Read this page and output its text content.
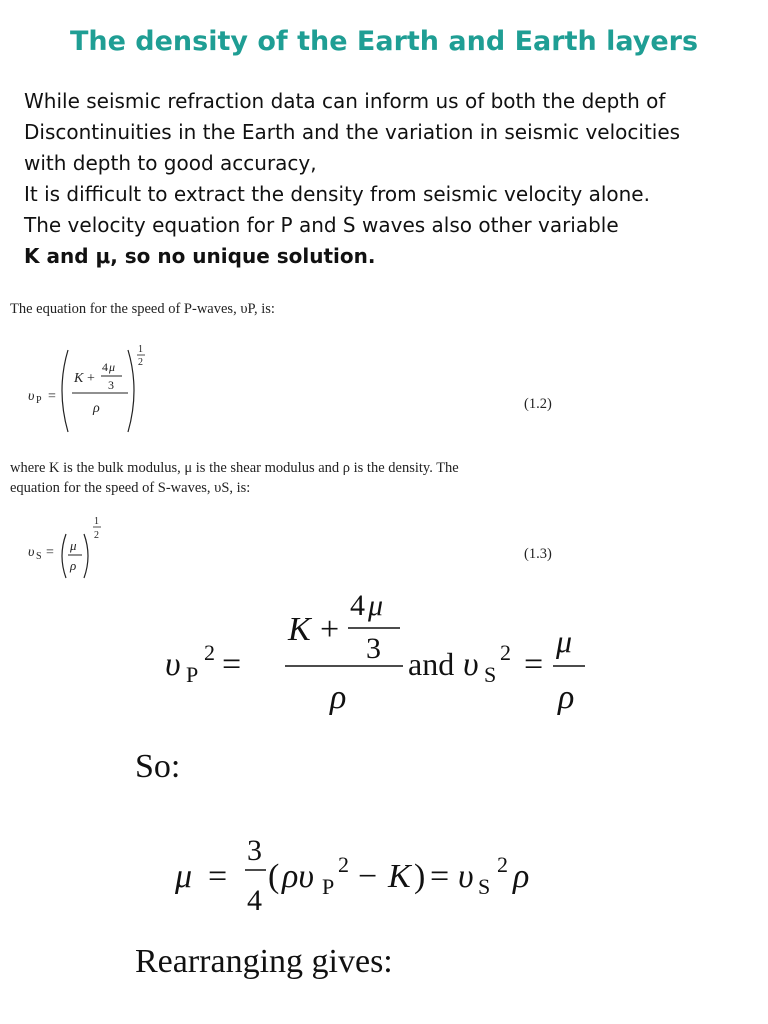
The density of the Earth and Earth layers
While seismic refraction data can inform us of both the depth of
Discontinuities in the Earth and the variation in seismic velocities
with depth to good accuracy,
It is difficult to extract the density from seismic velocity alone.
The velocity equation for P and S waves also other variable
K and μ, so no unique solution.
The equation for the speed of P-waves, υP, is:
υ P =
K +
4 μ
3
ρ
1
2
(1.2)
where K is the bulk modulus, μ is the shear modulus and ρ is the density. The
equation for the speed of S-waves, υS, is:
υ S = μ
ρ
1
2
(1.3)
υ P
2 =
K +
4 μ
3
ρ
and υ S
2 =
μ
ρ
So:
μ =
3
4
( ρυ P
2 − K ) = υ S
2 ρ
Rearranging gives:
